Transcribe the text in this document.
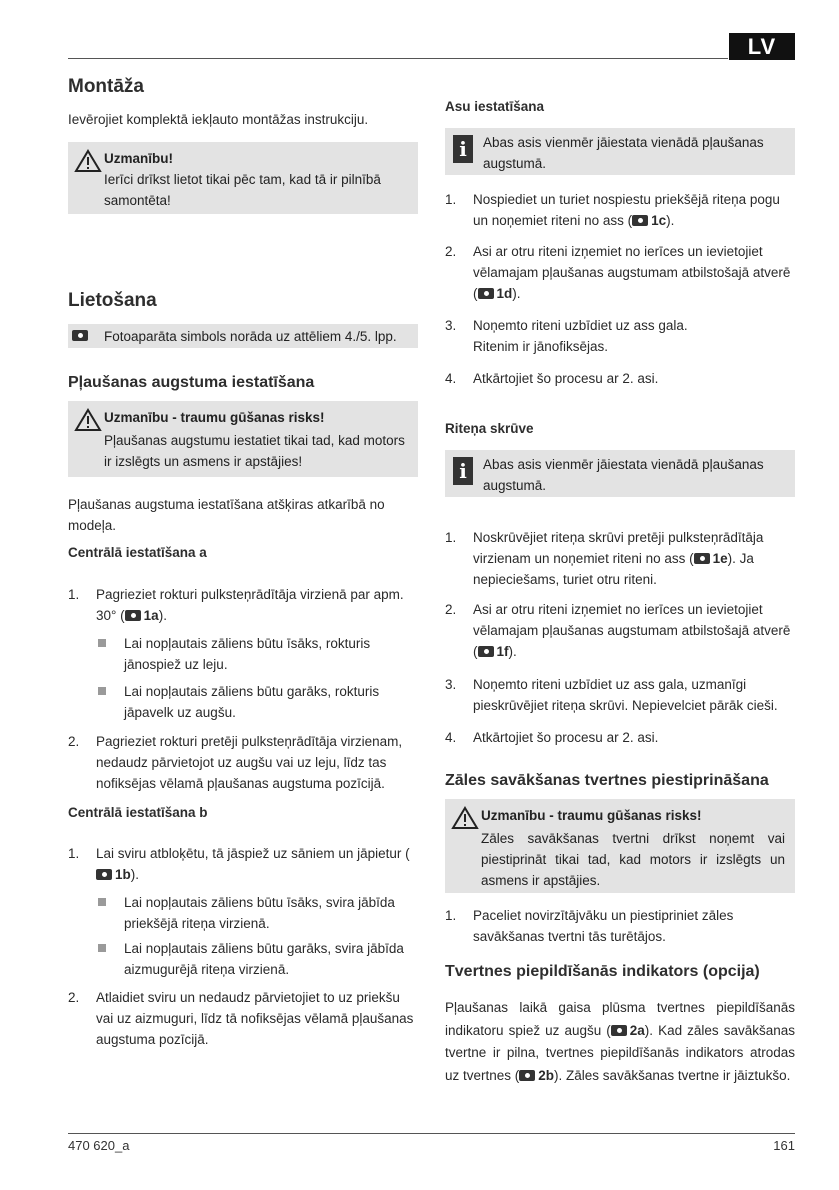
LV
Montāža

Ievērojiet komplektā iekļauto montāžas instrukciju.

Uzmanību!
Ierīci drīkst lietot tikai pēc tam, kad tā ir pilnībā samontēta!
Lietošana
Fotoaparāta simbols norāda uz attēliem 4./5. lpp.
Pļaušanas augstuma iestatīšana
Uzmanību - traumu gūšanas risks!
Pļaušanas augstumu iestatiet tikai tad, kad motors ir izslēgts un asmens ir apstājies!

Pļaušanas augstuma iestatīšana atšķiras atkarībā no modeļa.

Centrālā iestatīšana a
1. Pagrieziet rokturi pulksteņrādītāja virzienā par apm. 30° ( 1a).
Lai nopļautais zāliens būtu īsāks, rokturis jānospiež uz leju.
Lai nopļautais zāliens būtu garāks, rokturis jāpavelk uz augšu.
2. Pagrieziet rokturi pretēji pulksteņrādītāja virzienam, nedaudz pārvietojot uz augšu vai uz leju, līdz tas nofiksējas vēlamā pļaušanas augstuma pozīcijā.
Centrālā iestatīšana b
1. Lai sviru atbloķētu, tā jāspiež uz sāniem un jāpietur (1b).
Lai nopļautais zāliens būtu īsāks, svira jābīda priekšējā riteņa virzienā.
Lai nopļautais zāliens būtu garāks, svira jābīda aizmugurējā riteņa virzienā.
2. Atlaidiet sviru un nedaudz pārvietojiet to uz priekšu vai uz aizmuguri, līdz tā nofiksējas vēlamā pļaušanas augstuma pozīcijā.
Asu iestatīšana
i	Abas asis vienmēr jāiestata vienādā pļaušanas augstumā.
1. Nospiediet un turiet nospiestu priekšējā riteņa pogu un noņemiet riteni no ass ( 1c).
2. Asi ar otru riteni izņemiet no ierīces un ievietojiet vēlamajam pļaušanas augstumam atbilstošajā atverē ( 1d).
3. Noņemto riteni uzbīdiet uz ass gala.
Ritenim ir jānofiksējas.
4. Atkārtojiet šo procesu ar 2. asi.
Riteņa skrūve
i	Abas asis vienmēr jāiestata vienādā pļaušanas augstumā.
1. Noskrūvējiet riteņa skrūvi pretēji pulksteņrādītāja virzienam un noņemiet riteni no ass ( 1e). Ja nepieciešams, turiet otru riteni.
2. Asi ar otru riteni izņemiet no ierīces un ievietojiet vēlamajam pļaušanas augstumam atbilstošajā atverē ( 1f).
3. Noņemto riteni uzbīdiet uz ass gala, uzmanīgi pieskrūvējiet riteņa skrūvi. Nepievelciet pārāk cieši.
4. Atkārtojiet šo procesu ar 2. asi.
Zāles savākšanas tvertnes piestiprināšana
Uzmanību - traumu gūšanas risks!
Zāles savākšanas tvertni drīkst noņemt vai piestiprināt tikai tad, kad motors ir izslēgts un asmens ir apstājies.
1. Paceliet novirzītājvāku un piestipriniet zāles savākšanas tvertni tās turētājos.
Tvertnes piepildīšanās indikators (opcija)

Pļaušanas laikā gaisa plūsma tvertnes piepildīšanās indikatoru spiež uz augšu ( 2a). Kad zāles savākšanas tvertne ir pilna, tvertnes piepildīšanās indikators atrodas uz tvertnes ( 2b). Zāles savākšanas tvertne ir jāiztukšo.

470 620_a	161
